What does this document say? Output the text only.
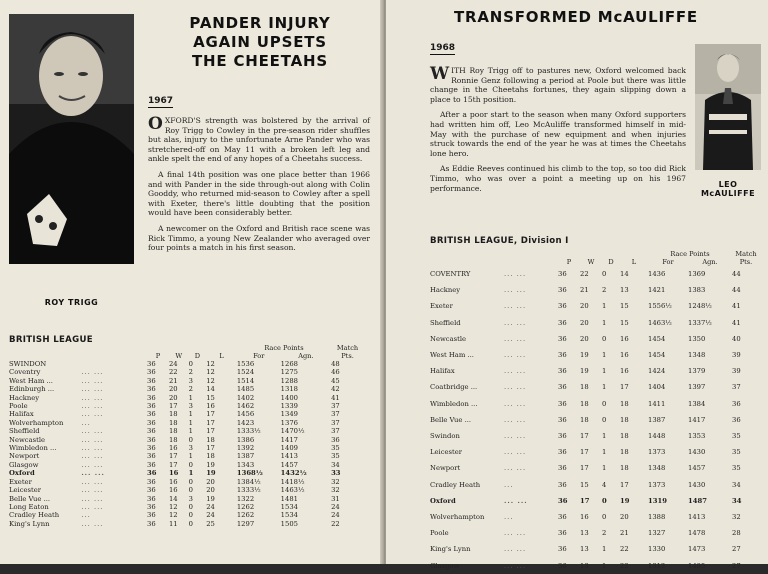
ROY TRIGG
PANDER INJURY
AGAIN UPSETS
THE CHEETAHS
1967

OXFORD'S strength was bolstered by the arrival of Roy Trigg to Cowley in the pre-season rider shuffles but alas, injury to the unfortunate Arne Pander who was stretchered-off on May 11 with a broken left leg and ankle spelt the end of any hopes of a Cheetahs success.

A final 14th position was one place better than 1966 and with Pander in the side through-out along with Colin Gooddy, who returned mid-season to Cowley after a spell with Exeter, there's little doubting that the position would have been considerably better.

A newcomer on the Oxford and British race scene was Rick Timmo, a young New Zealander who averaged over four points a match in his first season.

BRITISH LEAGUE
						Race Points		Match
		P	W	D	L	For	Agn.	Pts.
SWINDON		36	24	0	12	1536	1268	48
Coventry	... ...	36	22	2	12	1524	1275	46
West Ham ...	... ...	36	21	3	12	1514	1288	45
Edinburgh ...	... ...	36	20	2	14	1485	1318	42
Hackney	... ...	36	20	1	15	1402	1400	41
Poole	... ...	36	17	3	16	1462	1339	37
Halifax	... ...	36	18	1	17	1456	1349	37
Wolverhampton	...	36	18	1	17	1423	1376	37
Sheffield	... ...	36	18	1	17	1333½	1470½	37
Newcastle	... ...	36	18	0	18	1386	1417	36
Wimbledon ...	... ...	36	16	3	17	1392	1409	35
Newport	... ...	36	17	1	18	1387	1413	35
Glasgow	... ...	36	17	0	19	1343	1457	34
Oxford	... ...	36	16	1	19	1368½	1432½	33
Exeter	... ...	36	16	0	20	1384½	1418½	32
Leicester	... ...	36	16	0	20	1333½	1463½	32
Belle Vue ...	... ...	36	14	3	19	1322	1481	31
Long Eaton	... ...	36	12	0	24	1262	1534	24
Cradley Heath	...	36	12	0	24	1262	1534	24
King's Lynn	... ...	36	11	0	25	1297	1505	22
TRANSFORMED McAULIFFE
1968

WITH Roy Trigg off to pastures new, Oxford welcomed back Ronnie Genz following a period at Poole but there was little change in the Cheetahs fortunes, they again slipping down a place to 15th position.

After a poor start to the season when many Oxford supporters had written him off, Leo McAuliffe transformed himself in mid-May with the purchase of new equipment and when injuries struck towards the end of the year he was at times the Cheetahs lone hero.

As Eddie Reeves continued his climb to the top, so too did Rick Timmo, who was over a point a meeting up on his 1967 performance.	LEO
McAULIFFE
BRITISH LEAGUE, Division I
						Race Points		Match
		P	W	D	L	For	Agn.	Pts.
COVENTRY	... ...	36	22	0	14	1436	1369	44
Hackney	... ...	36	21	2	13	1421	1383	44
Exeter	... ...	36	20	1	15	1556½	1248½	41
Sheffield	... ...	36	20	1	15	1463½	1337½	41
Newcastle	... ...	36	20	0	16	1454	1350	40
West Ham ...	... ...	36	19	1	16	1454	1348	39
Halifax	... ...	36	19	1	16	1424	1379	39
Coatbridge ...	... ...	36	18	1	17	1404	1397	37
Wimbledon ...	... ...	36	18	0	18	1411	1384	36
Belle Vue ...	... ...	36	18	0	18	1387	1417	36
Swindon	... ...	36	17	1	18	1448	1353	35
Leicester	... ...	36	17	1	18	1373	1430	35
Newport	... ...	36	17	1	18	1348	1457	35
Cradley Heath	...	36	15	4	17	1373	1430	34
Oxford	... ...	36	17	0	19	1319	1487	34
Wolverhampton	...	36	16	0	20	1388	1413	32
Poole	... ...	36	13	2	21	1327	1478	28
King's Lynn	... ...	36	13	1	22	1330	1473	27
Glasgow	... ...	36	13	1	22	1312	1495	27
